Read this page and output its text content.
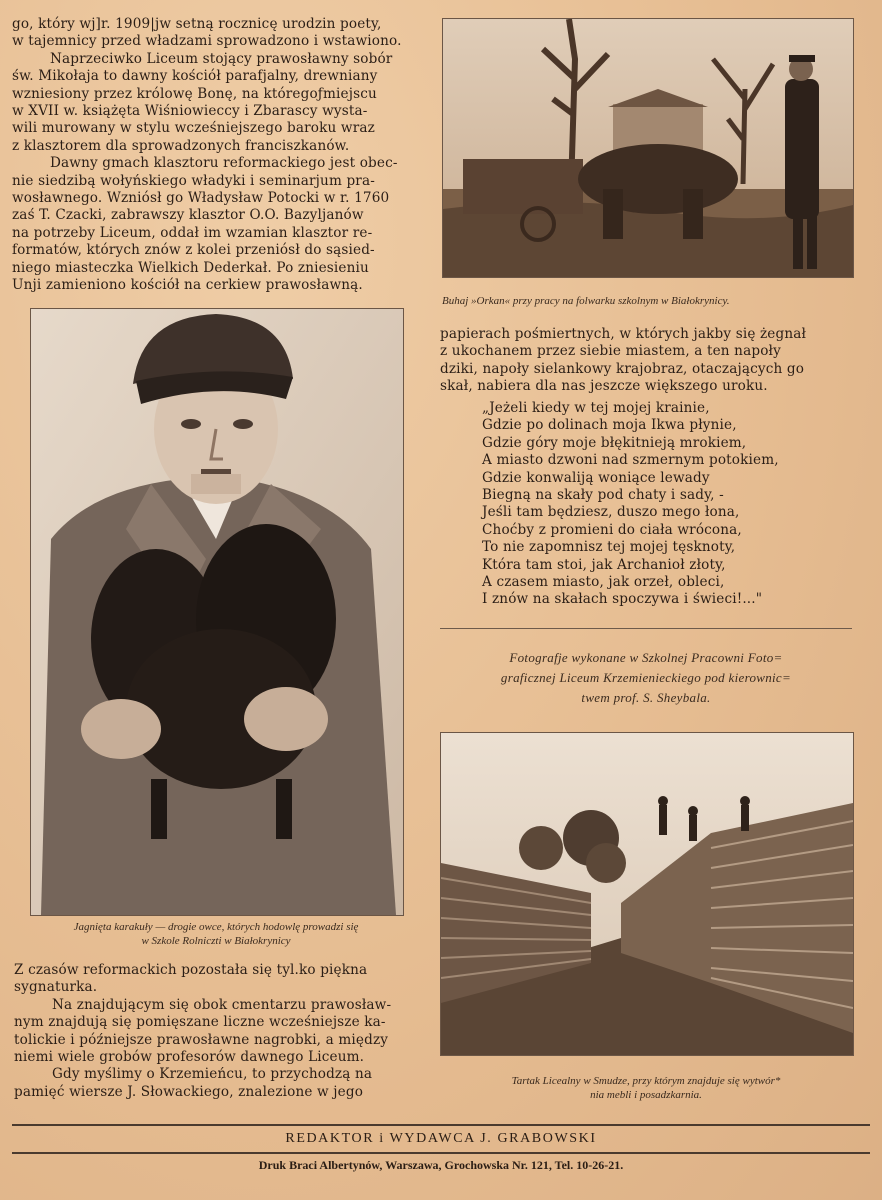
go, który wj]r. 1909|jw setną rocznicę urodzin poety,

w tajemnicy przed władzami sprowadzono i wstawiono.

Naprzeciwko Liceum stojący prawosławny sobór

św. Mikołaja to dawny kościół parafjalny, drewniany

wzniesiony przez królowę Bonę, na któregoƒmiejscu

w XVII w. książęta Wiśniowieccy i Zbarascy wysta-

wili murowany w stylu wcześniejszego baroku wraz

z klasztorem dla sprowadzonych franciszkanów.

Dawny gmach klasztoru reformackiego jest obec-

nie siedzibą wołyńskiego władyki i seminarjum pra-

wosławnego. Wzniósł go Władysław Potocki w r. 1760

zaś T. Czacki, zabrawszy klasztor O.O. Bazyljanów

na potrzeby Liceum, oddał im wzamian klasztor re-

formatów, których znów z kolei przeniósł do sąsied-

niego miasteczka Wielkich Dederkał. Po zniesieniu

Unji zamieniono kościół na cerkiew prawosławną.

Buhaj »Orkan« przy pracy na folwarku szkolnym w Białokrynicy.
Jagnięta karakuły — drogie owce, których hodowlę prowadzi się
w Szkole Rolniczti w Białokrynicy

papierach pośmiertnych, w których jakby się żegnał

z ukochanem przez siebie miastem, a ten napoły

dziki, napoły sielankowy krajobraz, otaczających go

skał, nabiera dla nas jeszcze większego uroku.

„Jeżeli kiedy w tej mojej krainie,
Gdzie po dolinach moja Ikwa płynie,
Gdzie góry moje błękitnieją mrokiem,
A miasto dzwoni nad szmernym potokiem,
Gdzie konwaliją woniące lewady
Biegną na skały pod chaty i sady, -
Jeśli tam będziesz, duszo mego łona,
Choćby z promieni do ciała wrócona,
To nie zapomnisz tej mojej tęsknoty,
Która tam stoi, jak Archanioł złoty,
A czasem miasto, jak orzeł, obleci,
I znów na skałach spoczywa i świeci!..."
Fotografje wykonane w Szkolnej Pracowni Foto=
graficznej Liceum Krzemienieckiego pod kierownic=
twem prof. S. Sheybala.
Tartak Licealny w Smudze, przy którym znajduje się wytwór*
nia mebli i posadzkarnia.

Z czasów reformackich pozostała się tyl.ko piękna

sygnaturka.

Na znajdującym się obok cmentarzu prawosław-

nym znajdują się pomięszane liczne wcześniejsze ka-

tolickie i późniejsze prawosławne nagrobki, a między

niemi wiele grobów profesorów dawnego Liceum.

Gdy myślimy o Krzemieńcu, to przychodzą na

pamięć wiersze J. Słowackiego, znalezione w jego

REDAKTOR i WYDAWCA J. GRABOWSKI
Druk Braci Albertynów, Warszawa, Grochowska Nr. 121, Tel. 10-26-21.
